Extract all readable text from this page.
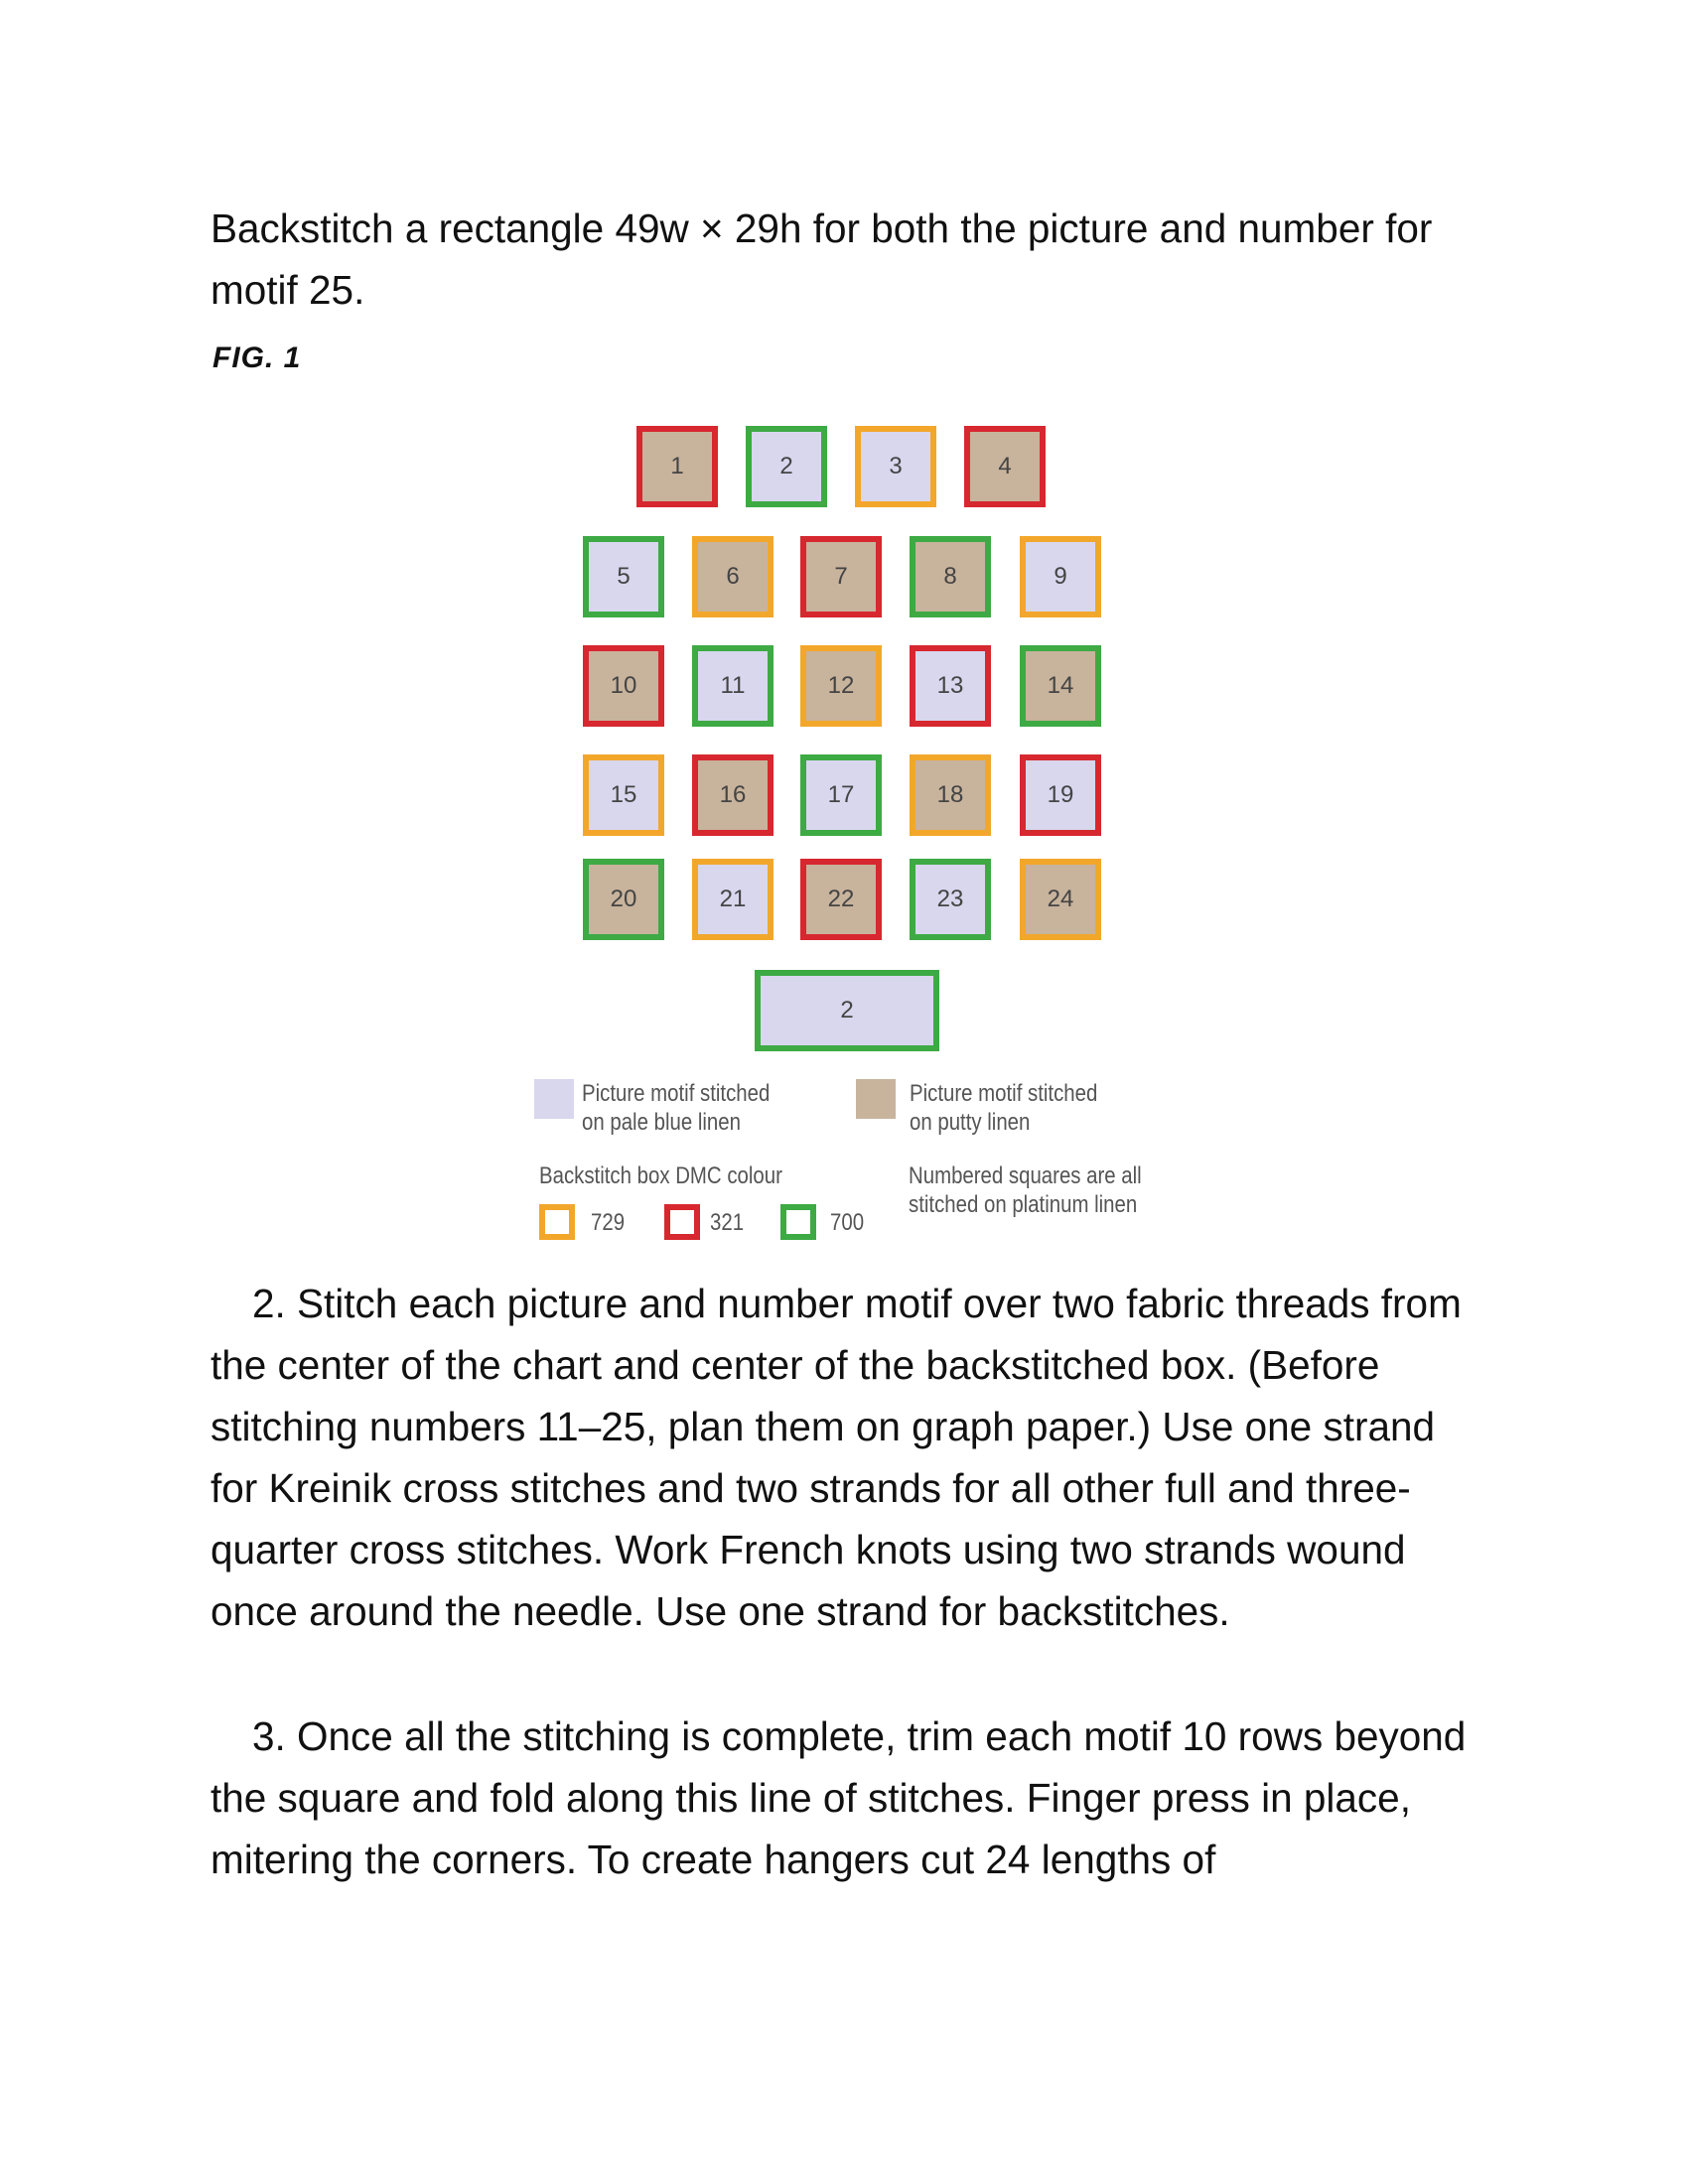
Backstitch a rectangle 49w × 29h for both the picture and number for motif 25.

FIG. 1
1	2	3	4
5	6	7	8	9
10	11	12	13	14
15	16	17	18	19
20	21	22	23	24
2
Picture motif stitched
on pale blue linen
Picture motif stitched
on putty linen
Backstitch box DMC colour
729	321	700
Numbered squares are all
stitched on platinum linen

2. Stitch each picture and number motif over two fabric threads from the center of the chart and center of the backstitched box. (Before stitching numbers 11–25, plan them on graph paper.) Use one strand for Kreinik cross stitches and two strands for all other full and three-quarter cross stitches. Work French knots using two strands wound once around the needle. Use one strand for backstitches.

3. Once all the stitching is complete, trim each motif 10 rows beyond the square and fold along this line of stitches. Finger press in place, mitering the corners. To create hangers cut 24 lengths of
